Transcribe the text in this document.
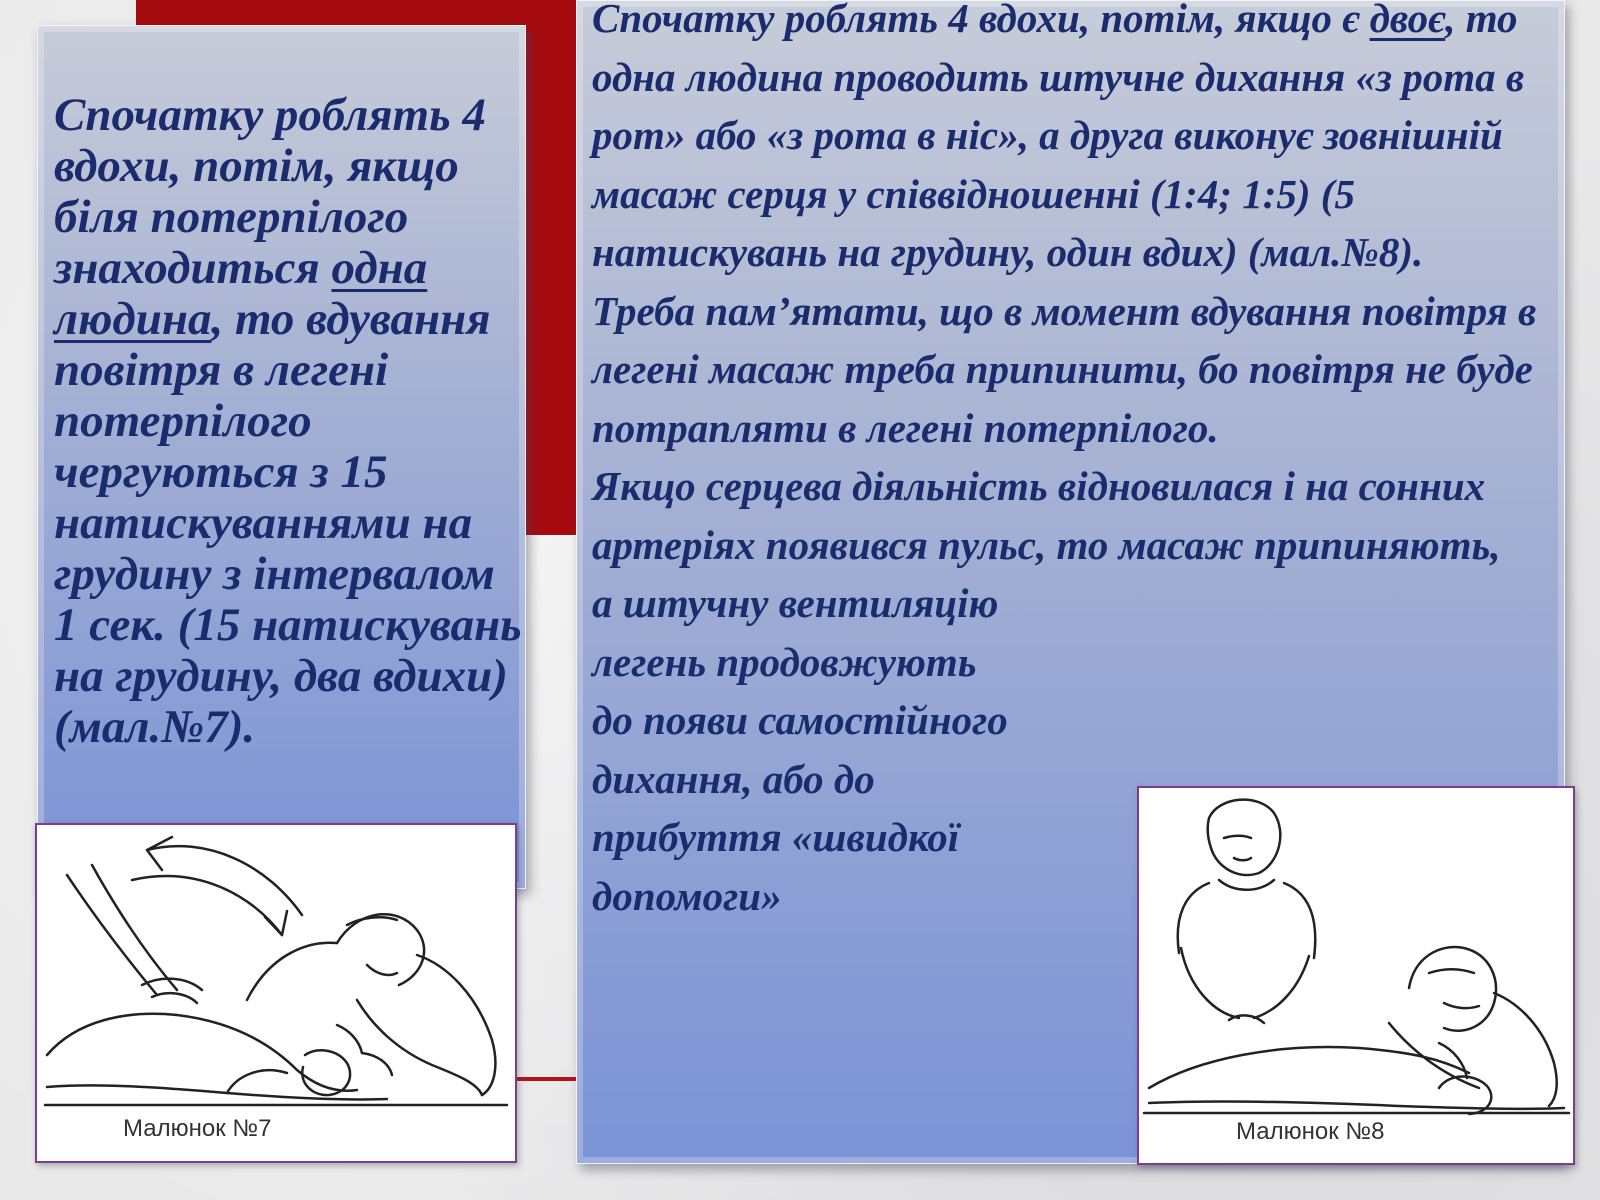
Спочатку роблять 4 вдохи, потім, якщо біля потерпілого знаходиться одна людина, то вдування повітря в легені потерпілого чергуються з 15 натискуваннями на грудину з інтервалом 1 сек. (15 натискувань на грудину, два вдихи) (мал.№7).

Спочатку роблять 4 вдохи, потім, якщо є двоє, то одна людина проводить штучне дихання «з рота в рот» або «з рота в ніс», а друга виконує зовнішній масаж серця у співвідношенні (1:4; 1:5) (5 натискувань на грудину, один вдих) (мал.№8).
Треба пам’ятати, що в момент вдування повітря в легені масаж треба припинити, бо повітря не буде потрапляти в легені потерпілого.
Якщо серцева діяльність відновилася і на сонних артеріях появився пульс, то масаж припиняють,
а штучну вентиляцію
легень продовжують
до появи самостійного
дихання, або до
прибуття «швидкої
допомоги»

Малюнок №7	Малюнок №8
